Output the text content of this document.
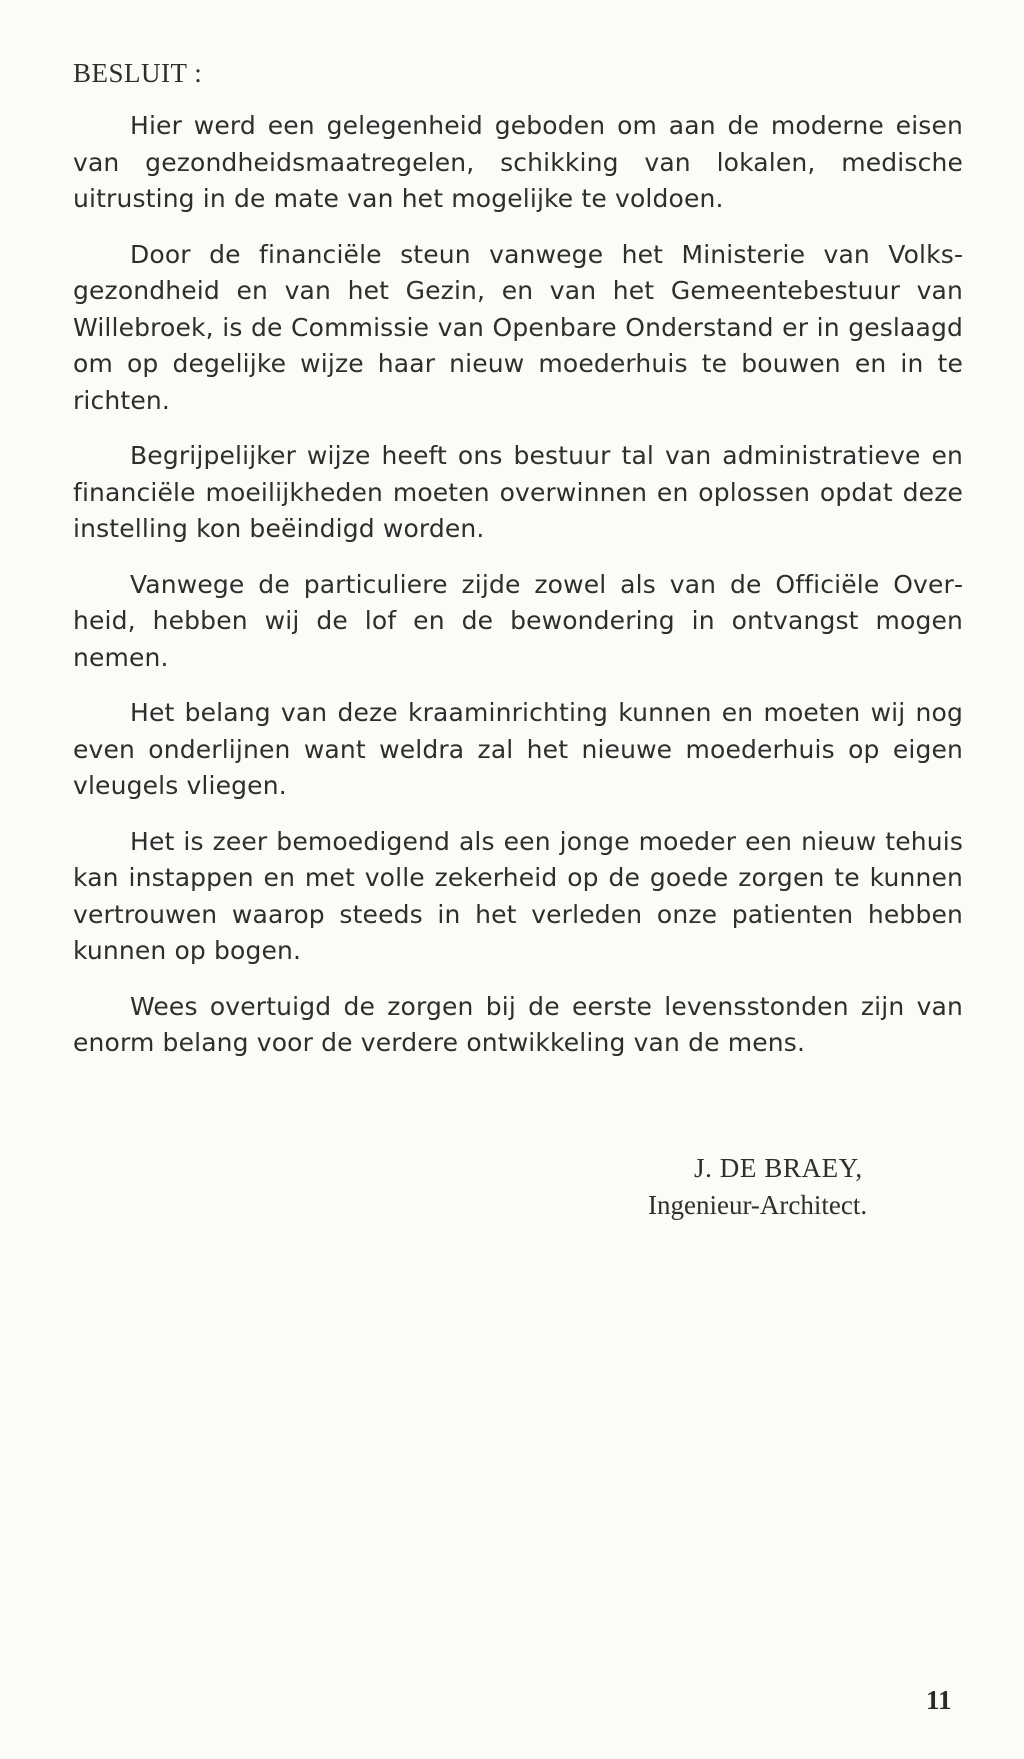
BESLUIT :

Hier werd een gelegenheid geboden om aan de moderne eisen van gezondheidsmaatregelen, schikking van lokalen, medische uitrusting in de mate van het mogelijke te voldoen.

Door de financiële steun vanwege het Ministerie van Volksgezondheid en van het Gezin, en van het Gemeentebestuur van Willebroek, is de Commissie van Openbare Onderstand er in geslaagd om op degelijke wijze haar nieuw moederhuis te bouwen en in te richten.

Begrijpelijker wijze heeft ons bestuur tal van administratieve en financiële moeilijkheden moeten overwinnen en oplossen opdat deze instelling kon beëindigd worden.

Vanwege de particuliere zijde zowel als van de Officiële Overheid, hebben wij de lof en de bewondering in ontvangst mogen nemen.

Het belang van deze kraaminrichting kunnen en moeten wij nog even onderlijnen want weldra zal het nieuwe moederhuis op eigen vleugels vliegen.

Het is zeer bemoedigend als een jonge moeder een nieuw tehuis kan instappen en met volle zekerheid op de goede zorgen te kunnen vertrouwen waarop steeds in het verleden onze patienten hebben kunnen op bogen.

Wees overtuigd de zorgen bij de eerste levensstonden zijn van enorm belang voor de verdere ontwikkeling van de mens.

J. DE BRAEY,
Ingenieur-Architect.
11
